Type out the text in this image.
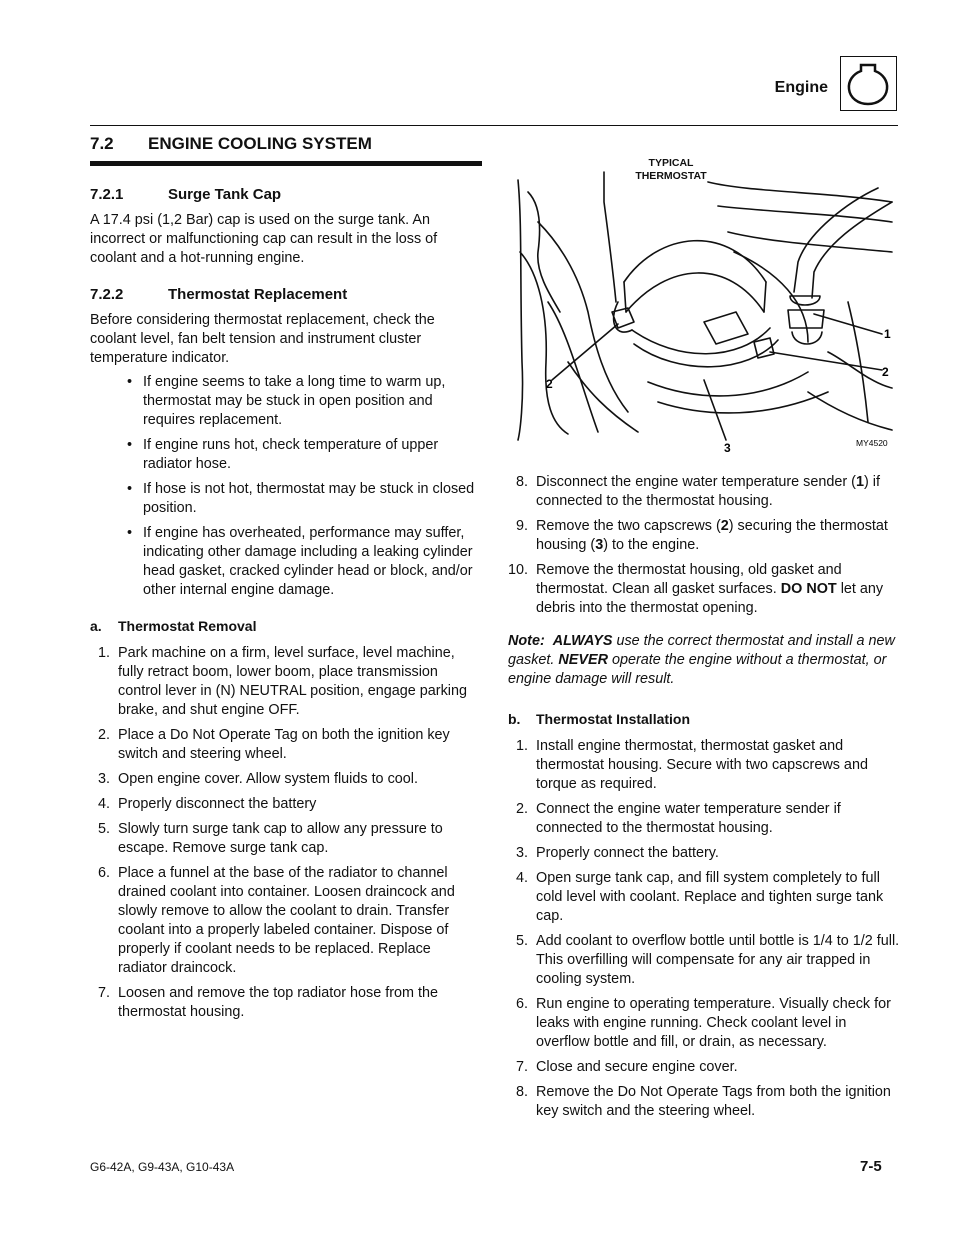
Engine
7.2	ENGINE COOLING SYSTEM
7.2.1	Surge Tank Cap

A 17.4 psi (1,2 Bar) cap is used on the surge tank. An incorrect or malfunctioning cap can result in the loss of coolant and a hot-running engine.

7.2.2	Thermostat Replacement

Before considering thermostat replacement, check the coolant level, fan belt tension and instrument cluster temperature indicator.

• If engine seems to take a long time to warm up, thermostat may be stuck in open position and requires replacement.
• If engine runs hot, check temperature of upper radiator hose.
• If hose is not hot, thermostat may be stuck in closed position.
• If engine has overheated, performance may suffer, indicating other damage including a leaking cylinder head gasket, cracked cylinder head or block, and/or other internal engine damage.
a. Thermostat Removal
1. Park machine on a firm, level surface, level machine, fully retract boom, lower boom, place transmission control lever in (N) NEUTRAL position, engage parking brake, and shut engine OFF.
2. Place a Do Not Operate Tag on both the ignition key switch and steering wheel.
3. Open engine cover. Allow system fluids to cool.
4. Properly disconnect the battery
5. Slowly turn surge tank cap to allow any pressure to escape. Remove surge tank cap.
6. Place a funnel at the base of the radiator to channel drained coolant into container. Loosen draincock and slowly remove to allow the coolant to drain. Transfer coolant into a properly labeled container. Dispose of properly if coolant needs to be replaced. Replace radiator draincock.
7. Loosen and remove the top radiator hose from the thermostat housing.
TYPICAL
THERMOSTAT
1
2
2
3	MY4520
8. Disconnect the engine water temperature sender (1) if connected to the thermostat housing.
9. Remove the two capscrews (2) securing the thermostat housing (3) to the engine.
10. Remove the thermostat housing, old gasket and thermostat. Clean all gasket surfaces. DO NOT let any debris into the thermostat opening.
Note: ALWAYS use the correct thermostat and install a new gasket. NEVER operate the engine without a thermostat, or engine damage will result.
b. Thermostat Installation
1. Install engine thermostat, thermostat gasket and thermostat housing. Secure with two capscrews and torque as required.
2. Connect the engine water temperature sender if connected to the thermostat housing.
3. Properly connect the battery.
4. Open surge tank cap, and fill system completely to full cold level with coolant. Replace and tighten surge tank cap.
5. Add coolant to overflow bottle until bottle is 1/4 to 1/2 full. This overfilling will compensate for any air trapped in cooling system.
6. Run engine to operating temperature. Visually check for leaks with engine running. Check coolant level in overflow bottle and fill, or drain, as necessary.
7. Close and secure engine cover.
8. Remove the Do Not Operate Tags from both the ignition key switch and the steering wheel.
G6-42A, G9-43A, G10-43A	7-5
